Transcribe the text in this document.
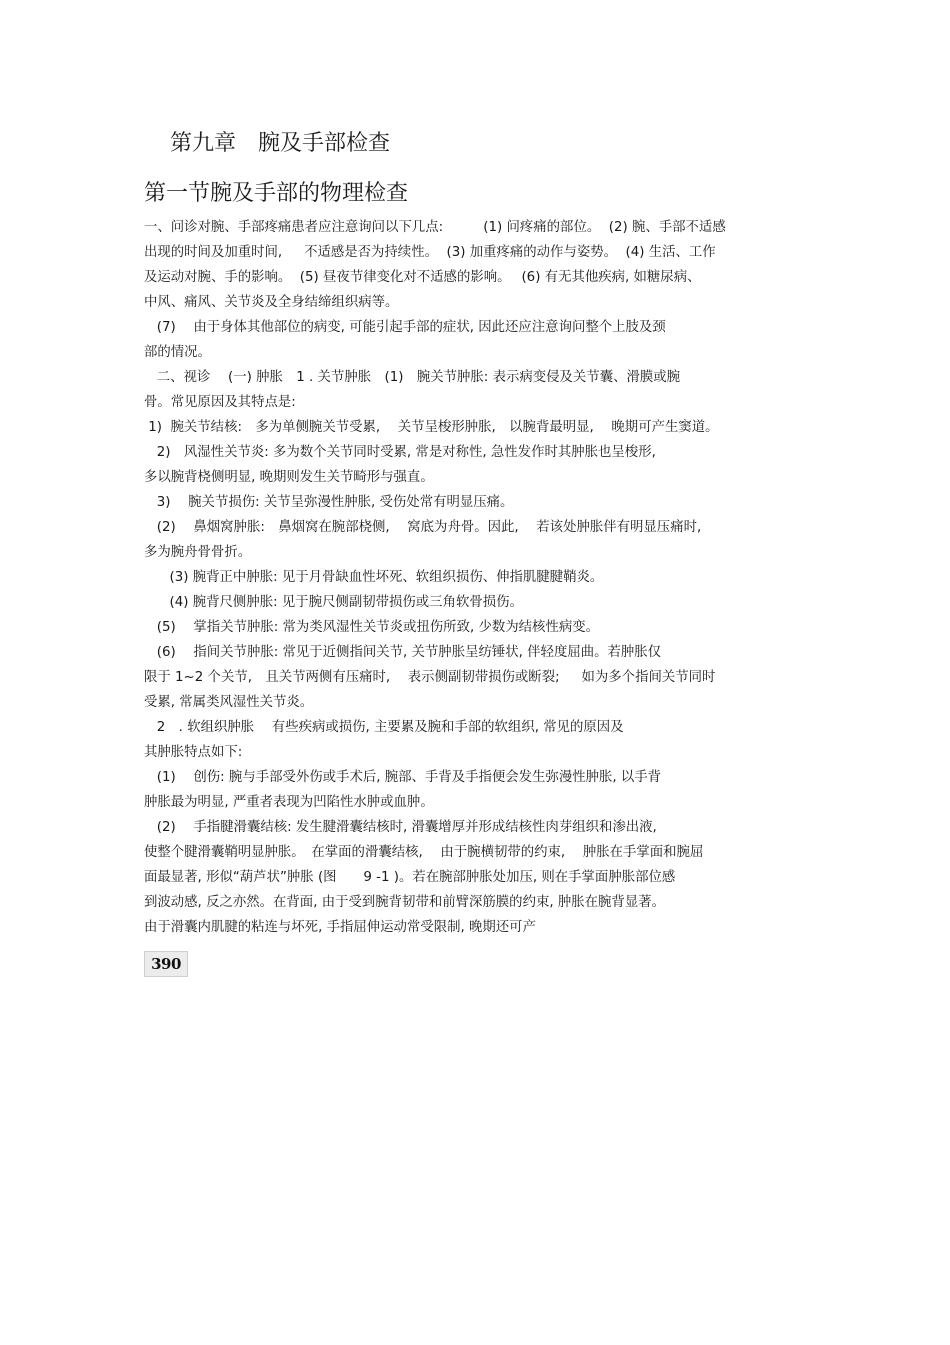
第九章　腕及手部检查
第一节腕及手部的物理检查
一、问诊对腕、手部疼痛患者应注意询问以下几点:　　　(1) 问疼痛的部位。  (2) 腕、手部不适感
出现的时间及加重时间,　  不适感是否为持续性。  (3) 加重疼痛的动作与姿势。  (4) 生活、工作
及运动对腕、手的影响。  (5) 昼夜节律变化对不适感的影响。　 (6) 有无其他疾病, 如糖尿病、
中风、痛风、关节炎及全身结缔组织病等。
(7)　 由于身体其他部位的病变, 可能引起手部的症状, 因此还应注意询问整个上肢及颈
部的情况。
二、视诊　 (一) 肿胀　1 . 关节肿胀　(1)　腕关节肿胀: 表示病变侵及关节囊、滑膜或腕
骨。常见原因及其特点是:
1)  腕关节结核:　多为单侧腕关节受累,　 关节呈梭形肿胀,　以腕背最明显,　 晚期可产生窦道。
2)　风湿性关节炎: 多为数个关节同时受累, 常是对称性, 急性发作时其肿胀也呈梭形,
多以腕背桡侧明显, 晚期则发生关节畸形与强直。
3)　 腕关节损伤: 关节呈弥漫性肿胀, 受伤处常有明显压痛。
(2)　 鼻烟窝肿胀:　鼻烟窝在腕部桡侧,　 窝底为舟骨。因此,　 若该处肿胀伴有明显压痛时,
多为腕舟骨骨折。
(3) 腕背正中肿胀: 见于月骨缺血性坏死、软组织损伤、伸指肌腱腱鞘炎。
(4) 腕背尺侧肿胀: 见于腕尺侧副韧带损伤或三角软骨损伤。
(5)　 掌指关节肿胀: 常为类风湿性关节炎或扭伤所致, 少数为结核性病变。
(6)　 指间关节肿胀: 常见于近侧指间关节, 关节肿胀呈纺锤状, 伴轻度屈曲。若肿胀仅
限于 1~2 个关节,　且关节两侧有压痛时,　 表示侧副韧带损伤或断裂;　  如为多个指间关节同时
受累, 常属类风湿性关节炎。
2　. 软组织肿胀　 有些疾病或损伤, 主要累及腕和手部的软组织, 常见的原因及
其肿胀特点如下:
(1)　 创伤: 腕与手部受外伤或手术后, 腕部、手背及手指便会发生弥漫性肿胀, 以手背
肿胀最为明显, 严重者表现为凹陷性水肿或血肿。
(2)　 手指腱滑囊结核: 发生腱滑囊结核时, 滑囊增厚并形成结核性肉芽组织和渗出液,
使整个腱滑囊鞘明显肿胀。　在掌面的滑囊结核,　 由于腕横韧带的约束,　 肿胀在手掌面和腕屈
面最显著, 形似“葫芦状”肿胀 (图　　9 -1 )。若在腕部肿胀处加压, 则在手掌面肿胀部位感
到波动感, 反之亦然。在背面, 由于受到腕背韧带和前臂深筋膜的约束, 肿胀在腕背显著。
由于滑囊内肌腱的粘连与坏死, 手指屈伸运动常受限制, 晚期还可产
390
